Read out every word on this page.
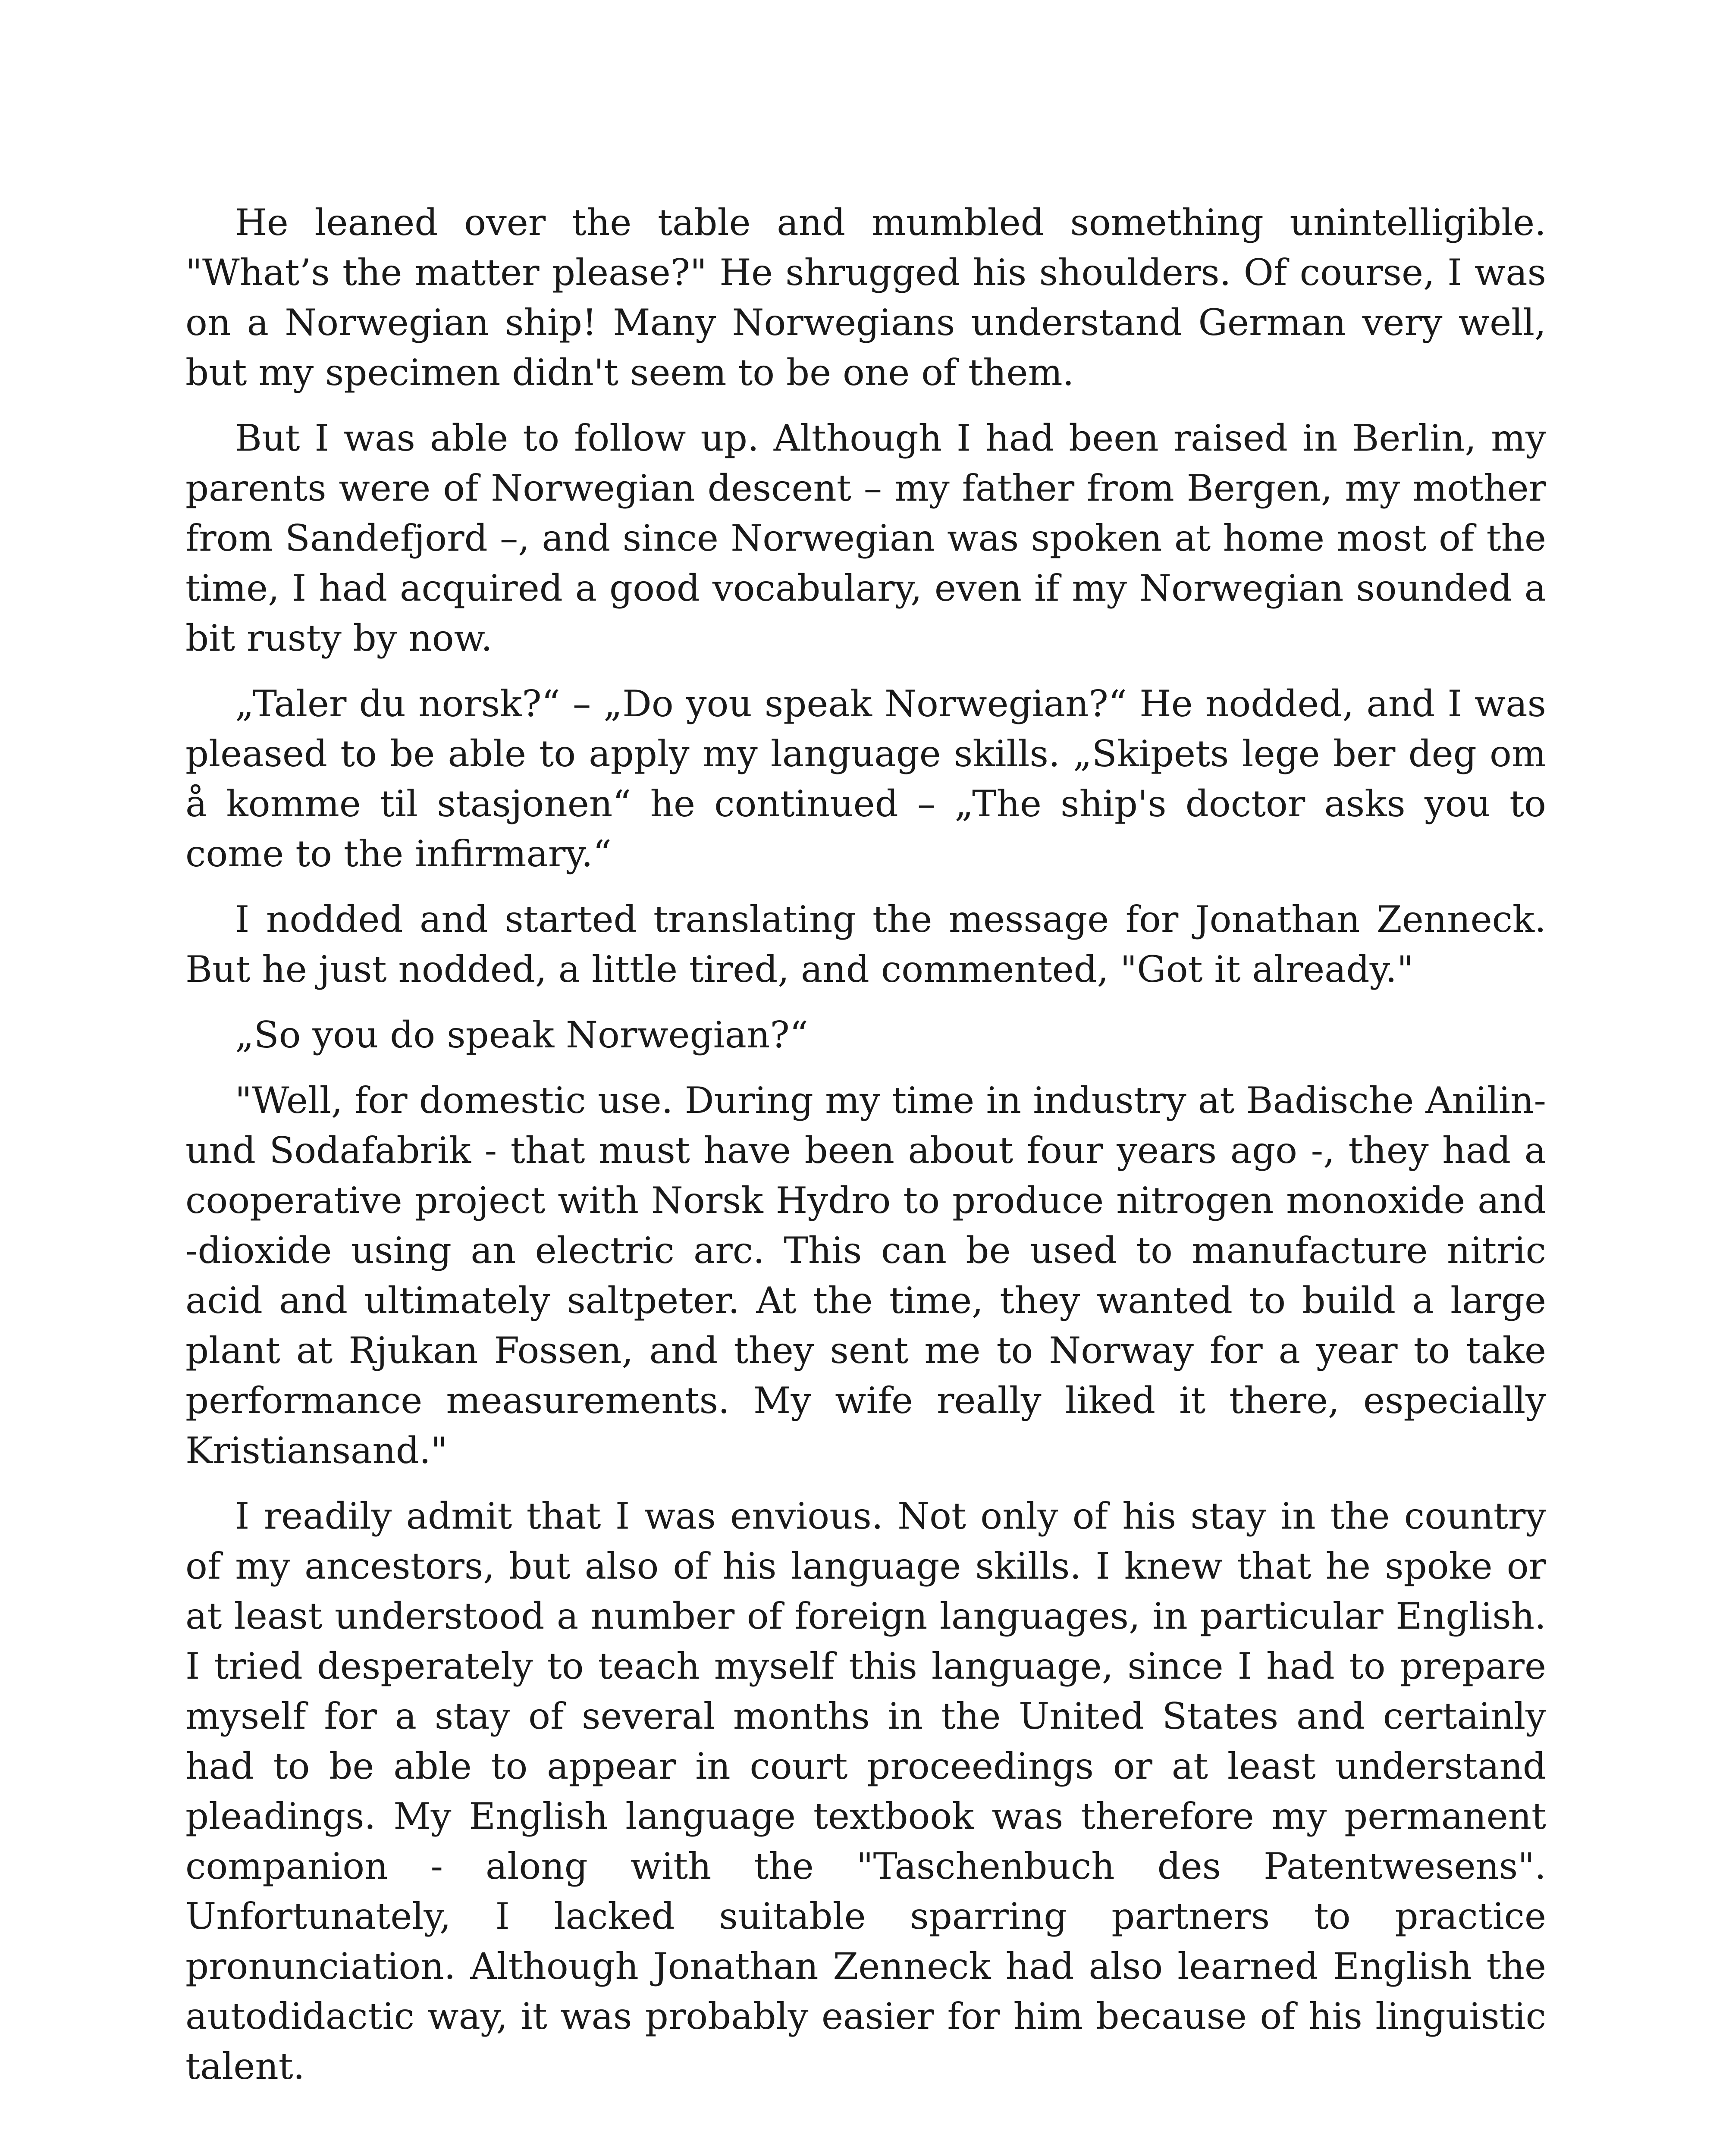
He leaned over the table and mumbled something unintelligible. "What’s the matter please?" He shrugged his shoulders. Of course, I was on a Norwegian ship! Many Norwegians understand German very well, but my specimen didn't seem to be one of them.

But I was able to follow up. Although I had been raised in Berlin, my parents were of Norwegian descent – my father from Bergen, my mother from Sandefjord –, and since Norwegian was spoken at home most of the time, I had acquired a good vocabulary, even if my Norwegian sounded a bit rusty by now.

„Taler du norsk?“ – „Do you speak Norwegian?“ He nodded, and I was pleased to be able to apply my language skills. „Skipets lege ber deg om å komme til stasjonen“ he continued – „The ship's doctor asks you to come to the infirmary.“

I nodded and started translating the message for Jonathan Zenneck. But he just nodded, a little tired, and commented, "Got it already."

„So you do speak Norwegian?“

"Well, for domestic use. During my time in industry at Badische Anilinund Sodafabrik - that must have been about four years ago -, they had a cooperative project with Norsk Hydro to produce nitrogen monoxide and -dioxide using an electric arc. This can be used to manufacture nitric acid and ultimately saltpeter. At the time, they wanted to build a large plant at Rjukan Fossen, and they sent me to Norway for a year to take performance measurements. My wife really liked it there, especially Kristiansand."

I readily admit that I was envious. Not only of his stay in the country of my ancestors, but also of his language skills. I knew that he spoke or at least understood a number of foreign languages, in particular English. I tried desperately to teach myself this language, since I had to prepare myself for a stay of several months in the United States and certainly had to be able to appear in court proceedings or at least understand pleadings. My English language textbook was therefore my permanent companion - along with the "Taschenbuch des Patentwesens". Unfortunately, I lacked suitable sparring partners to practice pronunciation. Although Jonathan Zenneck had also learned English the autodidactic way, it was probably easier for him because of his linguistic talent.
